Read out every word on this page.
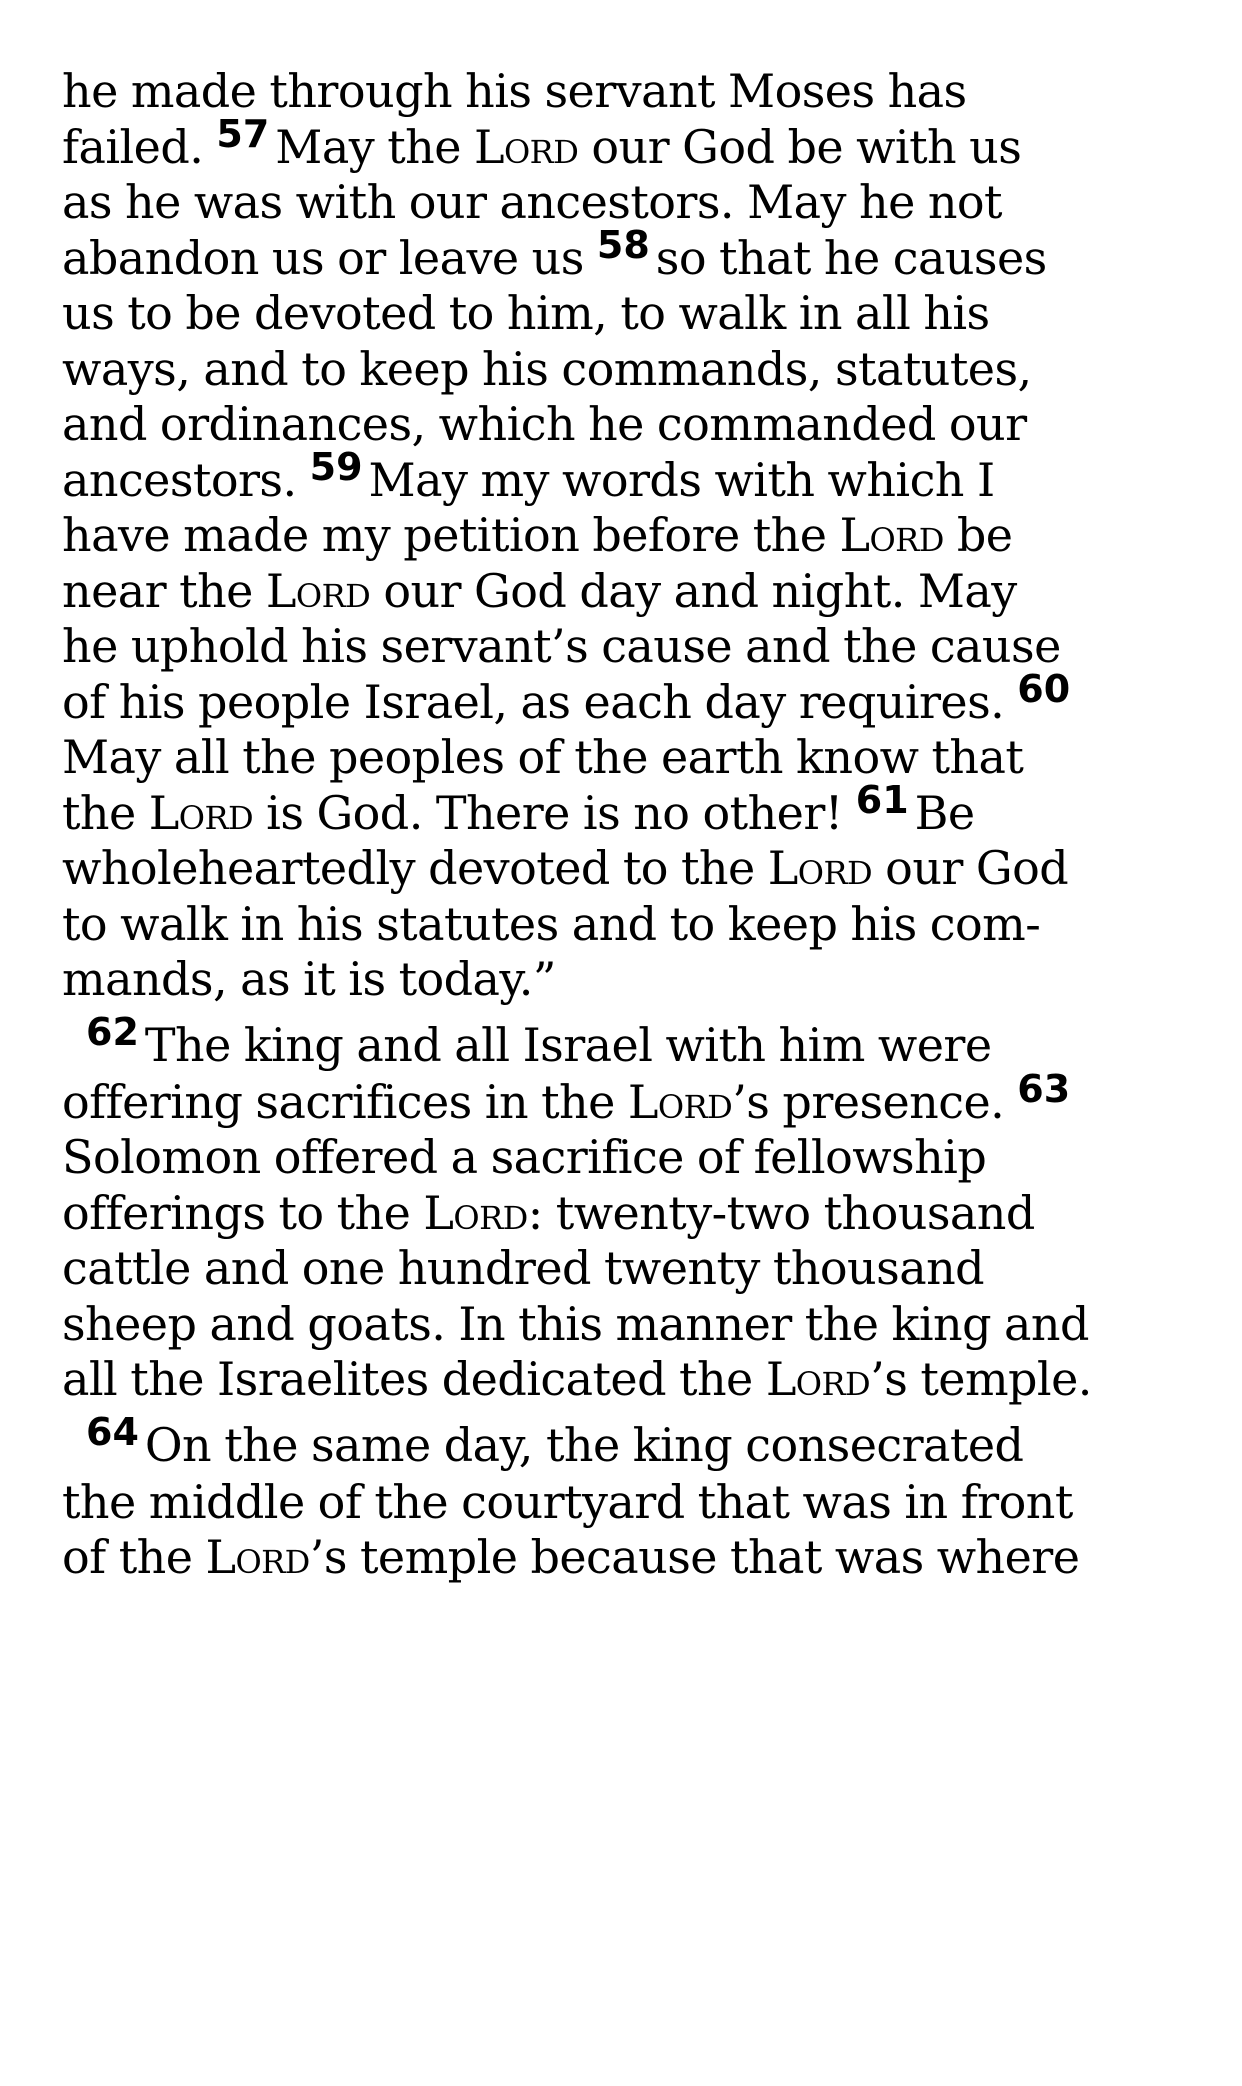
he made through his servant Moses has
failed. $^{57}$ May the Lord our God be with us
as he was with our ancestors. May he not
abandon us or leave us $^{58}$ so that he causes
us to be devoted to him, to walk in all his
ways, and to keep his commands, statutes,
and ordinances, which he commanded our
ancestors. $^{59}$ May my words with which I
have made my petition before the Lord be
near the Lord our God day and night. May
he uphold his servant’s cause and the cause
of his people Israel, as each day requires. $^{60}$
May all the peoples of the earth know that
the Lord is God. There is no other! $^{61}$ Be
wholeheartedly devoted to the Lord our God
to walk in his statutes and to keep his com-
mands, as it is today.”
$^{62}$ The king and all Israel with him were
offering sacrifices in the Lord’s presence. $^{63}$
Solomon offered a sacrifice of fellowship
offerings to the Lord: twenty-two thousand
cattle and one hundred twenty thousand
sheep and goats. In this manner the king and
all the Israelites dedicated the Lord’s temple.
$^{64}$ On the same day, the king consecrated
the middle of the courtyard that was in front
of the Lord’s temple because that was where
